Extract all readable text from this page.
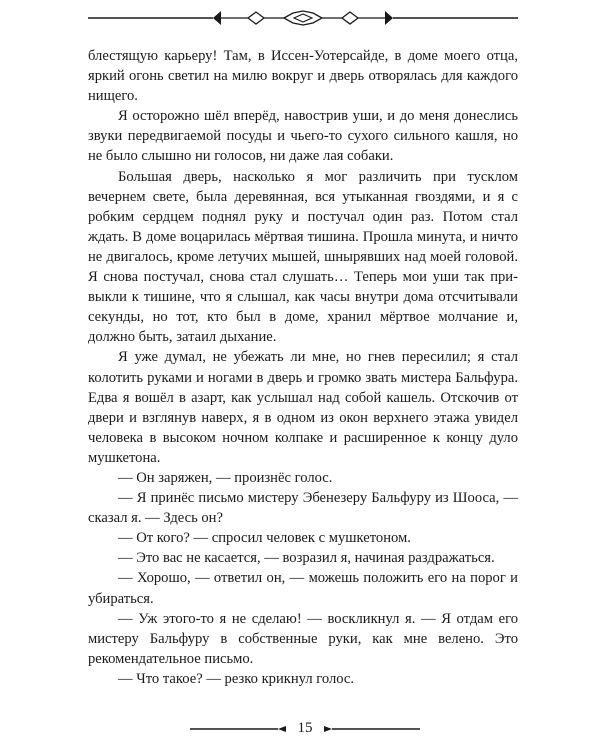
блестящую карьеру! Там, в Иссен-Уотерсайде, в доме моего отца, яркий огонь светил на милю вокруг и дверь отворялась для каждого нищего.

Я осторожно шёл вперёд, навострив уши, и до меня донеслись звуки передвигаемой посуды и чьего-то сухого сильного кашля, но не было слышно ни голосов, ни даже лая собаки.

Большая дверь, насколько я мог различить при тусклом вечернем свете, была деревянная, вся утыканная гвоздями, и я с робким сердцем поднял руку и постучал один раз. Потом стал ждать. В доме воцарилась мёртвая тишина. Прошла минута, и ничто не двигалось, кроме летучих мышей, шнырявших над моей головой. Я снова постучал, снова стал слушать… Теперь мои уши так привыкли к тишине, что я слышал, как часы внутри дома отсчитывали секунды, но тот, кто был в доме, хранил мёртвое молчание и, должно быть, затаил дыхание.

Я уже думал, не убежать ли мне, но гнев пересилил; я стал колотить руками и ногами в дверь и громко звать мистера Бальфура. Едва я вошёл в азарт, как услышал над собой кашель. Отскочив от двери и взглянув наверх, я в одном из окон верхнего этажа увидел человека в высоком ночном колпаке и расширенное к концу дуло мушкетона.

— Он заряжен, — произнёс голос.

— Я принёс письмо мистеру Эбенезеру Бальфуру из Шооса, — сказал я. — Здесь он?

— От кого? — спросил человек с мушкетоном.

— Это вас не касается, — возразил я, начиная раздражаться.

— Хорошо, — ответил он, — можешь положить его на порог и убираться.

— Уж этого-то я не сделаю! — воскликнул я. — Я отдам его мистеру Бальфуру в собственные руки, как мне велено. Это рекомендательное письмо.

— Что такое? — резко крикнул голос.

15
